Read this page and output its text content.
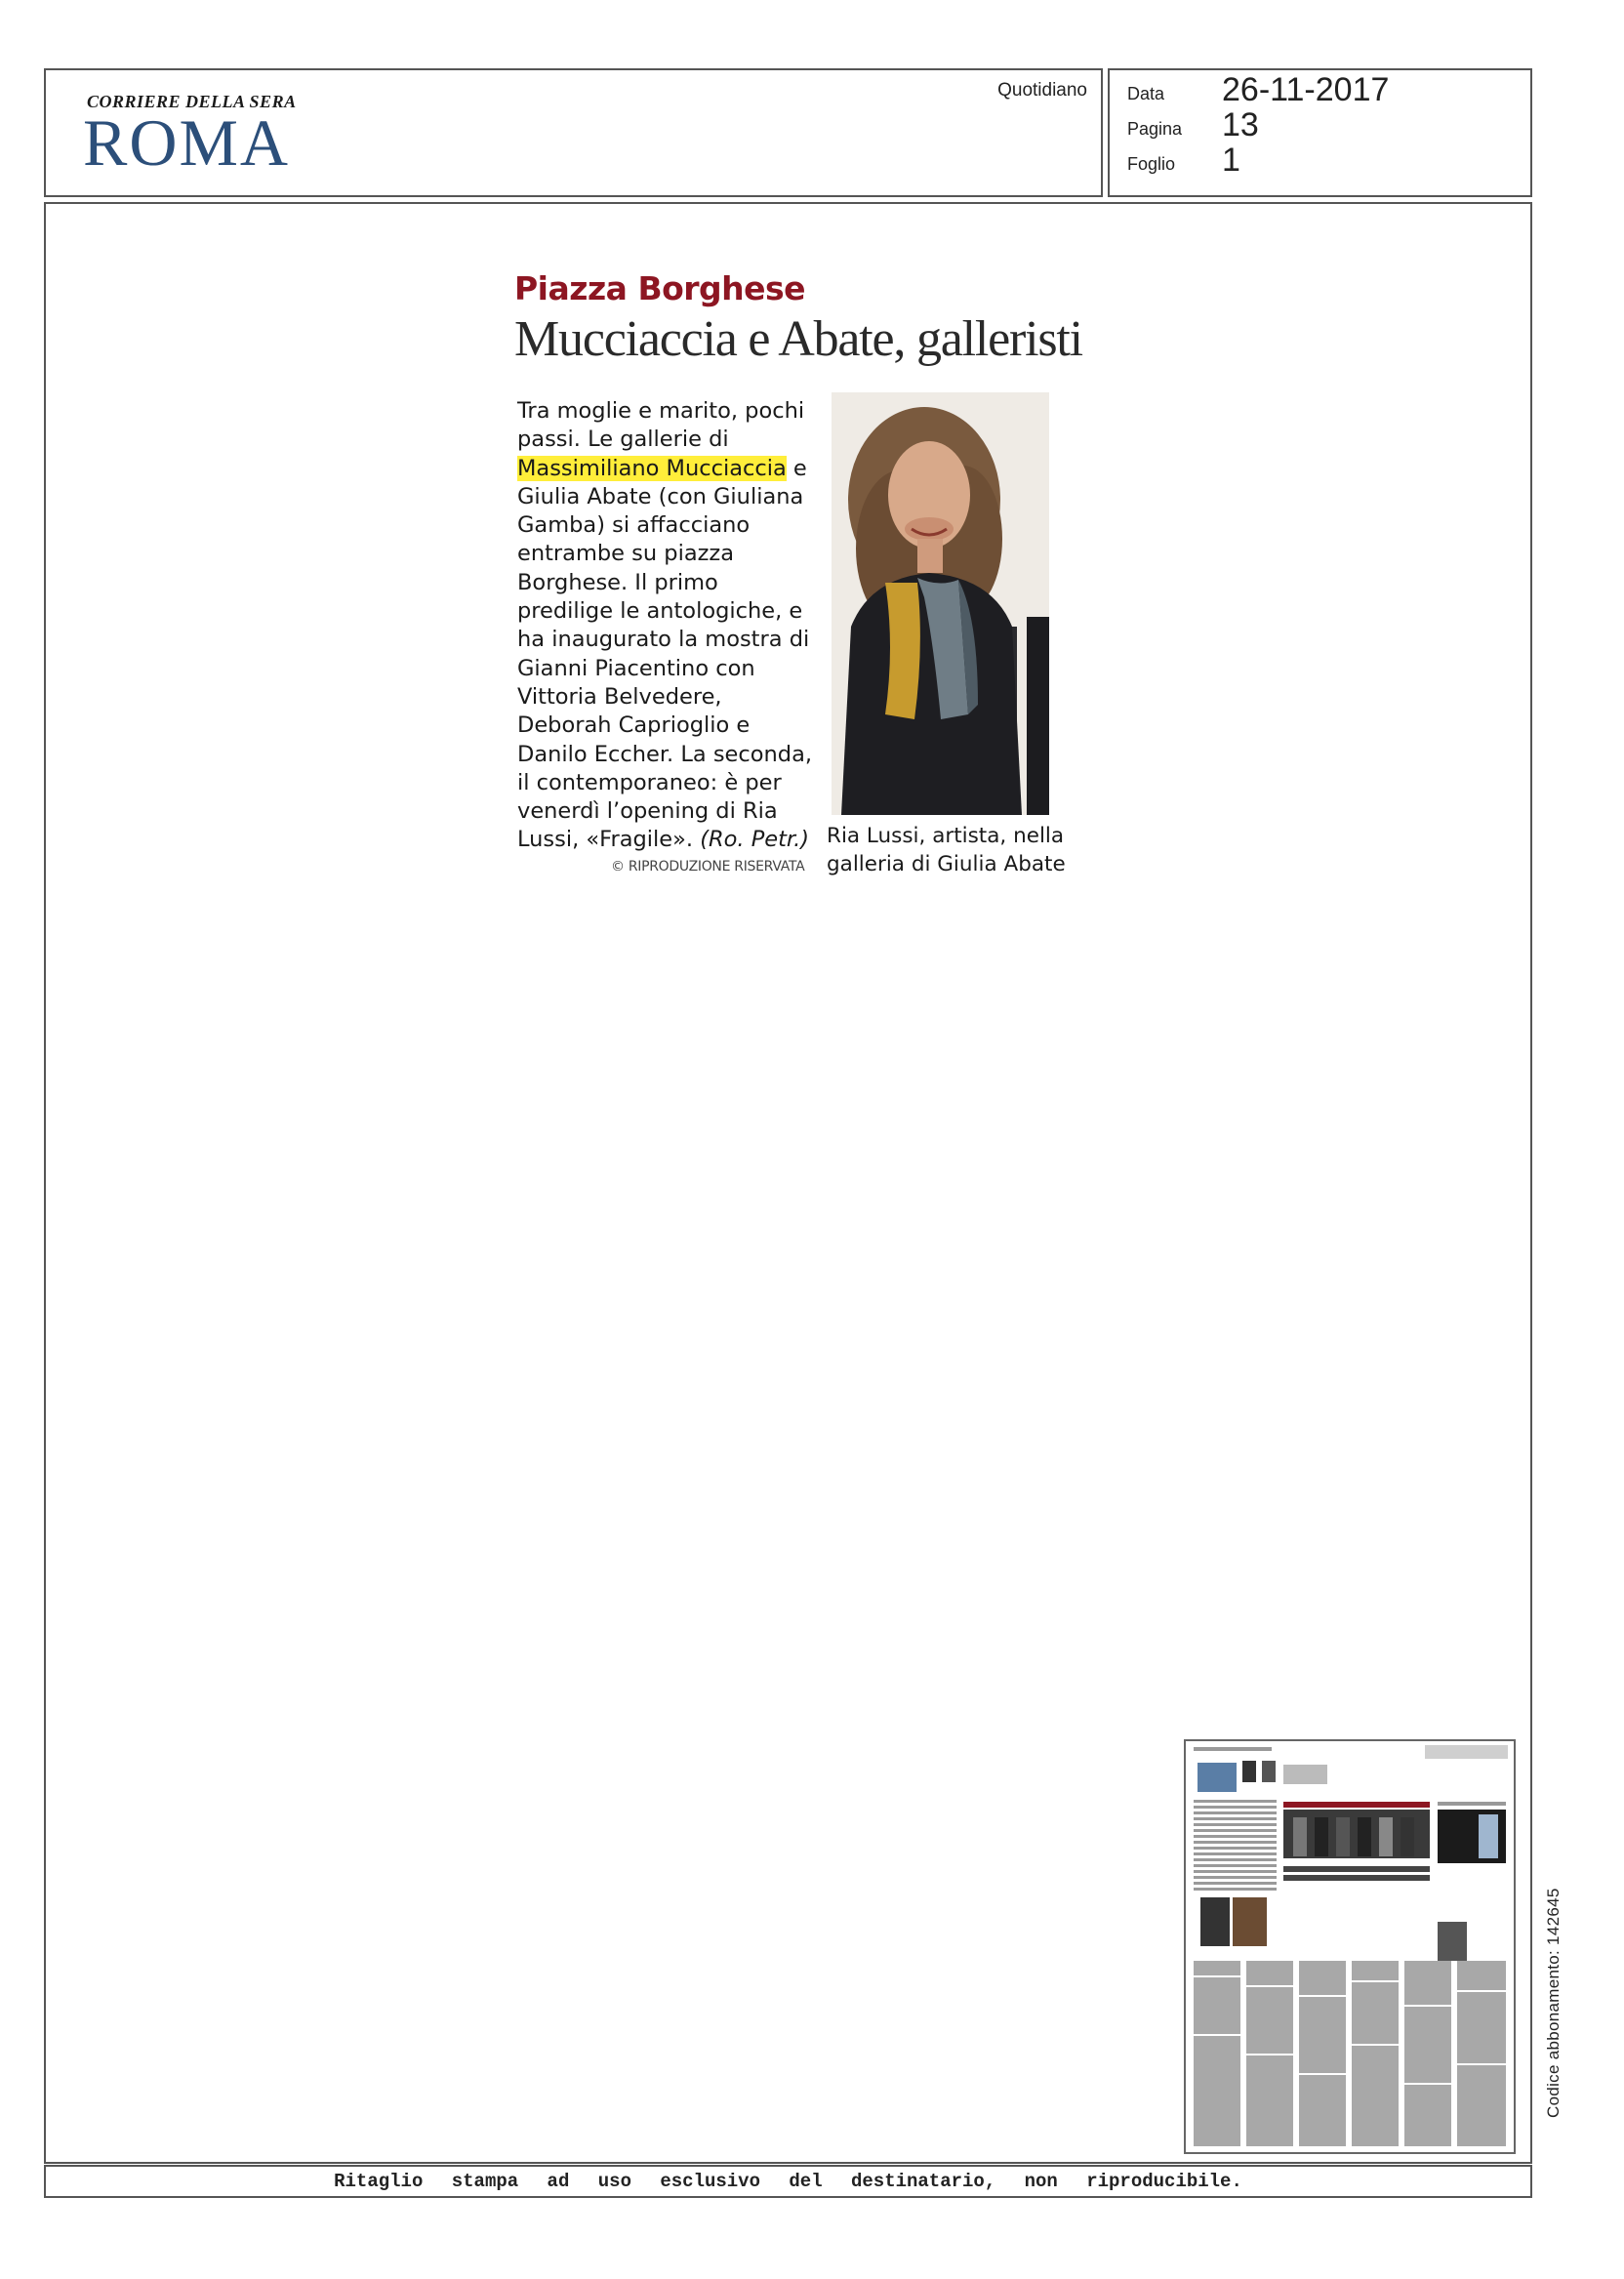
CORRIERE DELLA SERA
ROMA
Quotidiano Data 26-11-2017
Pagina 13
Foglio 1
Piazza Borghese
Mucciaccia e Abate, galleristi
Tra moglie e marito, pochi
passi. Le gallerie di
Massimiliano Mucciaccia e
Giulia Abate (con Giuliana
Gamba) si affacciano
entrambe su piazza
Borghese. Il primo
predilige le antologiche, e
ha inaugurato la mostra di
Gianni Piacentino con
Vittoria Belvedere,
Deborah Caprioglio e
Danilo Eccher. La seconda,
il contemporaneo: è per
venerdì l’opening di Ria
Lussi, «Fragile». (Ro. Petr.)
© RIPRODUZIONE RISERVATA
Ria Lussi, artista, nella
galleria di Giulia Abate
Codice abbonamento: 142645
Ritaglio stampa ad uso esclusivo del destinatario, non riproducibile.
